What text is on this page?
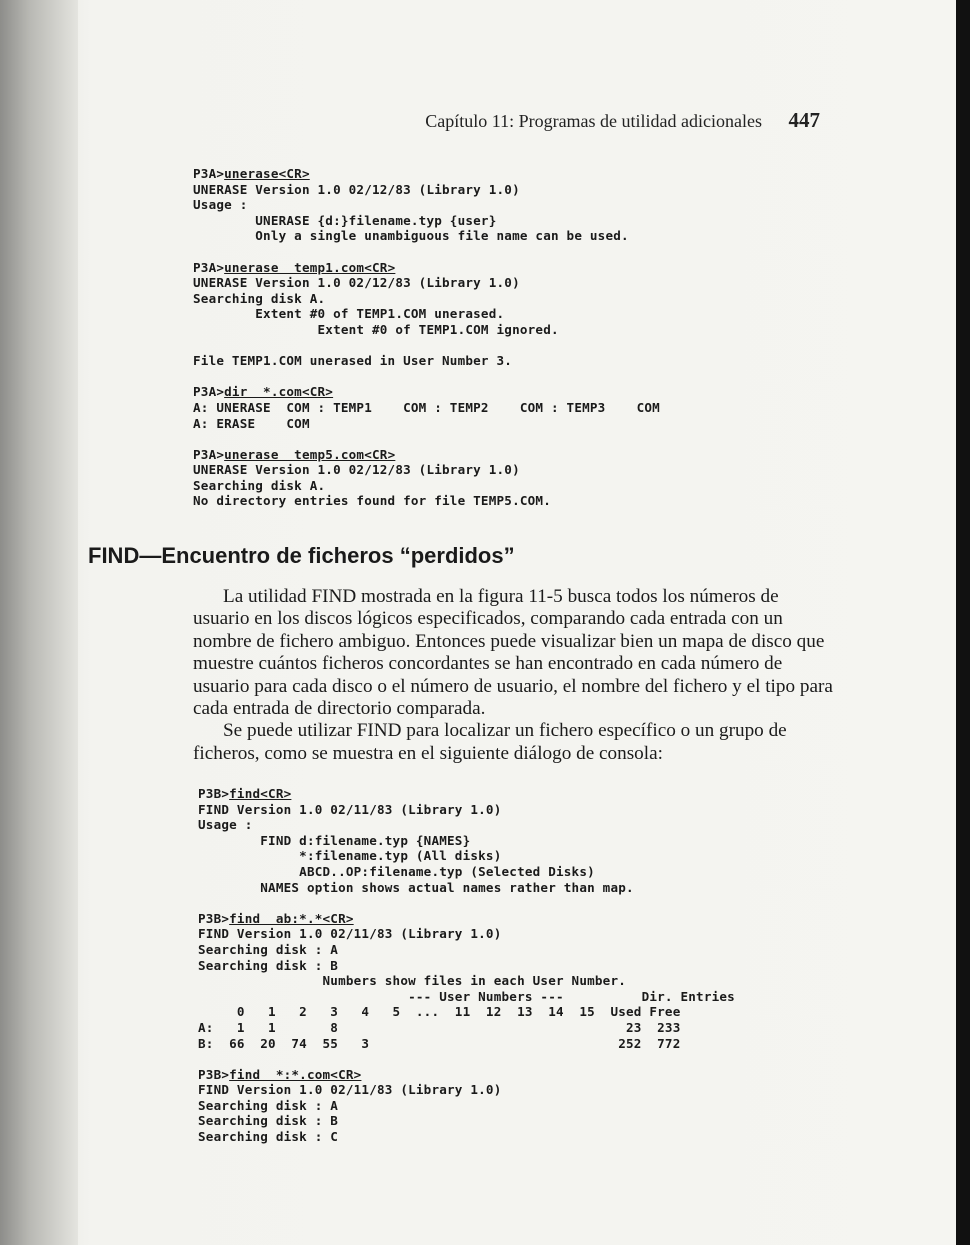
Capítulo 11: Programas de utilidad adicionales 447
P3A>unerase<CR>
UNERASE Version 1.0 02/12/83 (Library 1.0)
Usage :
UNERASE {d:}filename.typ {user}
Only a single unambiguous file name can be used.
P3A>unerase  temp1.com<CR>
UNERASE Version 1.0 02/12/83 (Library 1.0)
Searching disk A.
Extent #0 of TEMP1.COM unerased.
Extent #0 of TEMP1.COM ignored.
File TEMP1.COM unerased in User Number 3.
P3A>dir  *.com<CR>
A: UNERASE  COM : TEMP1    COM : TEMP2    COM : TEMP3    COM
A: ERASE    COM
P3A>unerase  temp5.com<CR>
UNERASE Version 1.0 02/12/83 (Library 1.0)
Searching disk A.
No directory entries found for file TEMP5.COM.
FIND—Encuentro de ficheros “perdidos”

La utilidad FIND mostrada en la figura 11-5 busca todos los números de usuario en los discos lógicos especificados, comparando cada entrada con un nombre de fichero ambiguo. Entonces puede visualizar bien un mapa de disco que muestre cuántos ficheros concordantes se han encontrado en cada número de usuario para cada disco o el número de usuario, el nombre del fichero y el tipo para cada entrada de directorio comparada.

Se puede utilizar FIND para localizar un fichero específico o un grupo de ficheros, como se muestra en el siguiente diálogo de consola:

P3B>find<CR>
FIND Version 1.0 02/11/83 (Library 1.0)
Usage :
FIND d:filename.typ {NAMES}
*:filename.typ (All disks)
ABCD..OP:filename.typ (Selected Disks)
NAMES option shows actual names rather than map.
P3B>find  ab:*.*<CR>
FIND Version 1.0 02/11/83 (Library 1.0)
Searching disk : A
Searching disk : B
Numbers show files in each User Number.
--- User Numbers ---          Dir. Entries
0   1   2   3   4   5  ...  11  12  13  14  15  Used Free
A:   1   1       8                                     23  233
B:  66  20  74  55   3                                252  772
P3B>find  *:*.com<CR>
FIND Version 1.0 02/11/83 (Library 1.0)
Searching disk : A
Searching disk : B
Searching disk : C
